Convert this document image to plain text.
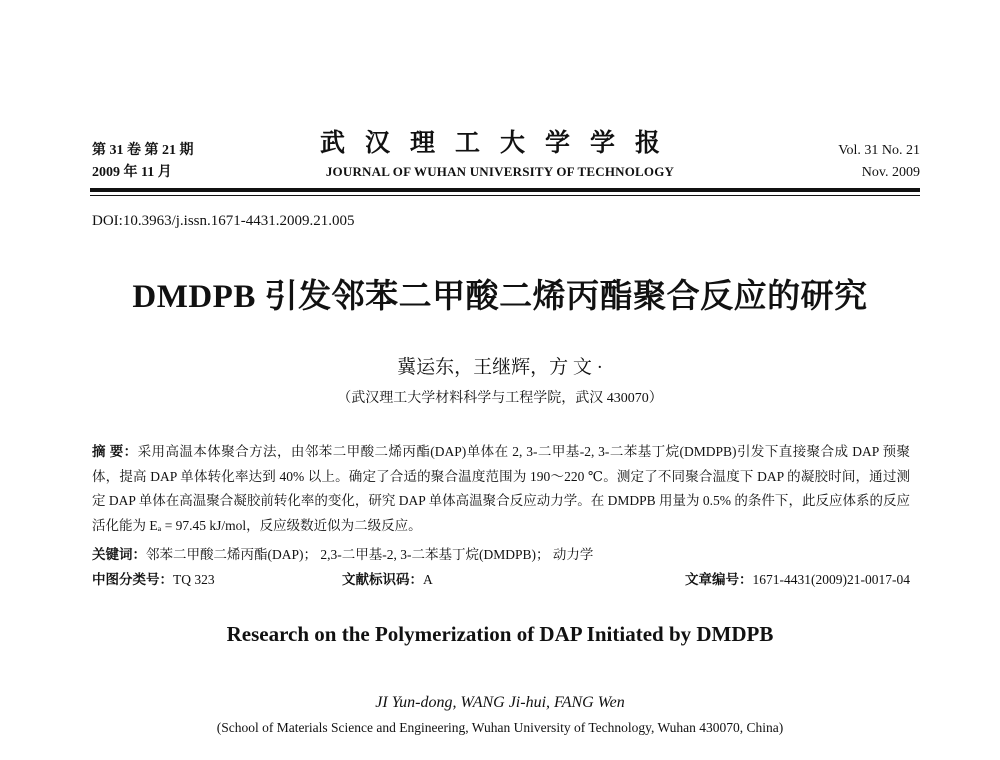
第 31 卷 第 21 期
2009 年 11 月
武汉理工大学学报
JOURNAL OF WUHAN UNIVERSITY OF TECHNOLOGY
Vol. 31 No. 21
Nov. 2009
DOI:10.3963/j.issn.1671-4431.2009.21.005
DMDPB 引发邻苯二甲酸二烯丙酯聚合反应的研究
冀运东，王继辉，方 文 ·
（武汉理工大学材料科学与工程学院，武汉 430070）
摘 要：采用高温本体聚合方法，由邻苯二甲酸二烯丙酯(DAP)单体在 2, 3-二甲基-2, 3-二苯基丁烷(DMDPB)引发下直接聚合成 DAP 预聚体，提高 DAP 单体转化率达到 40% 以上。确定了合适的聚合温度范围为 190～220 ℃。测定了不同聚合温度下 DAP 的凝胶时间，通过测定 DAP 单体在高温聚合凝胶前转化率的变化，研究 DAP 单体高温聚合反应动力学。在 DMDPB 用量为 0.5% 的条件下，此反应体系的反应活化能为 Eₐ = 97.45 kJ/mol，反应级数近似为二级反应。
关键词：邻苯二甲酸二烯丙酯(DAP)； 2,3-二甲基-2, 3-二苯基丁烷(DMDPB)； 动力学
中图分类号：TQ 323	文献标识码：A	文章编号：1671-4431(2009)21-0017-04
Research on the Polymerization of DAP Initiated by DMDPB
JI Yun-dong, WANG Ji-hui, FANG Wen
(School of Materials Science and Engineering, Wuhan University of Technology, Wuhan 430070, China)
